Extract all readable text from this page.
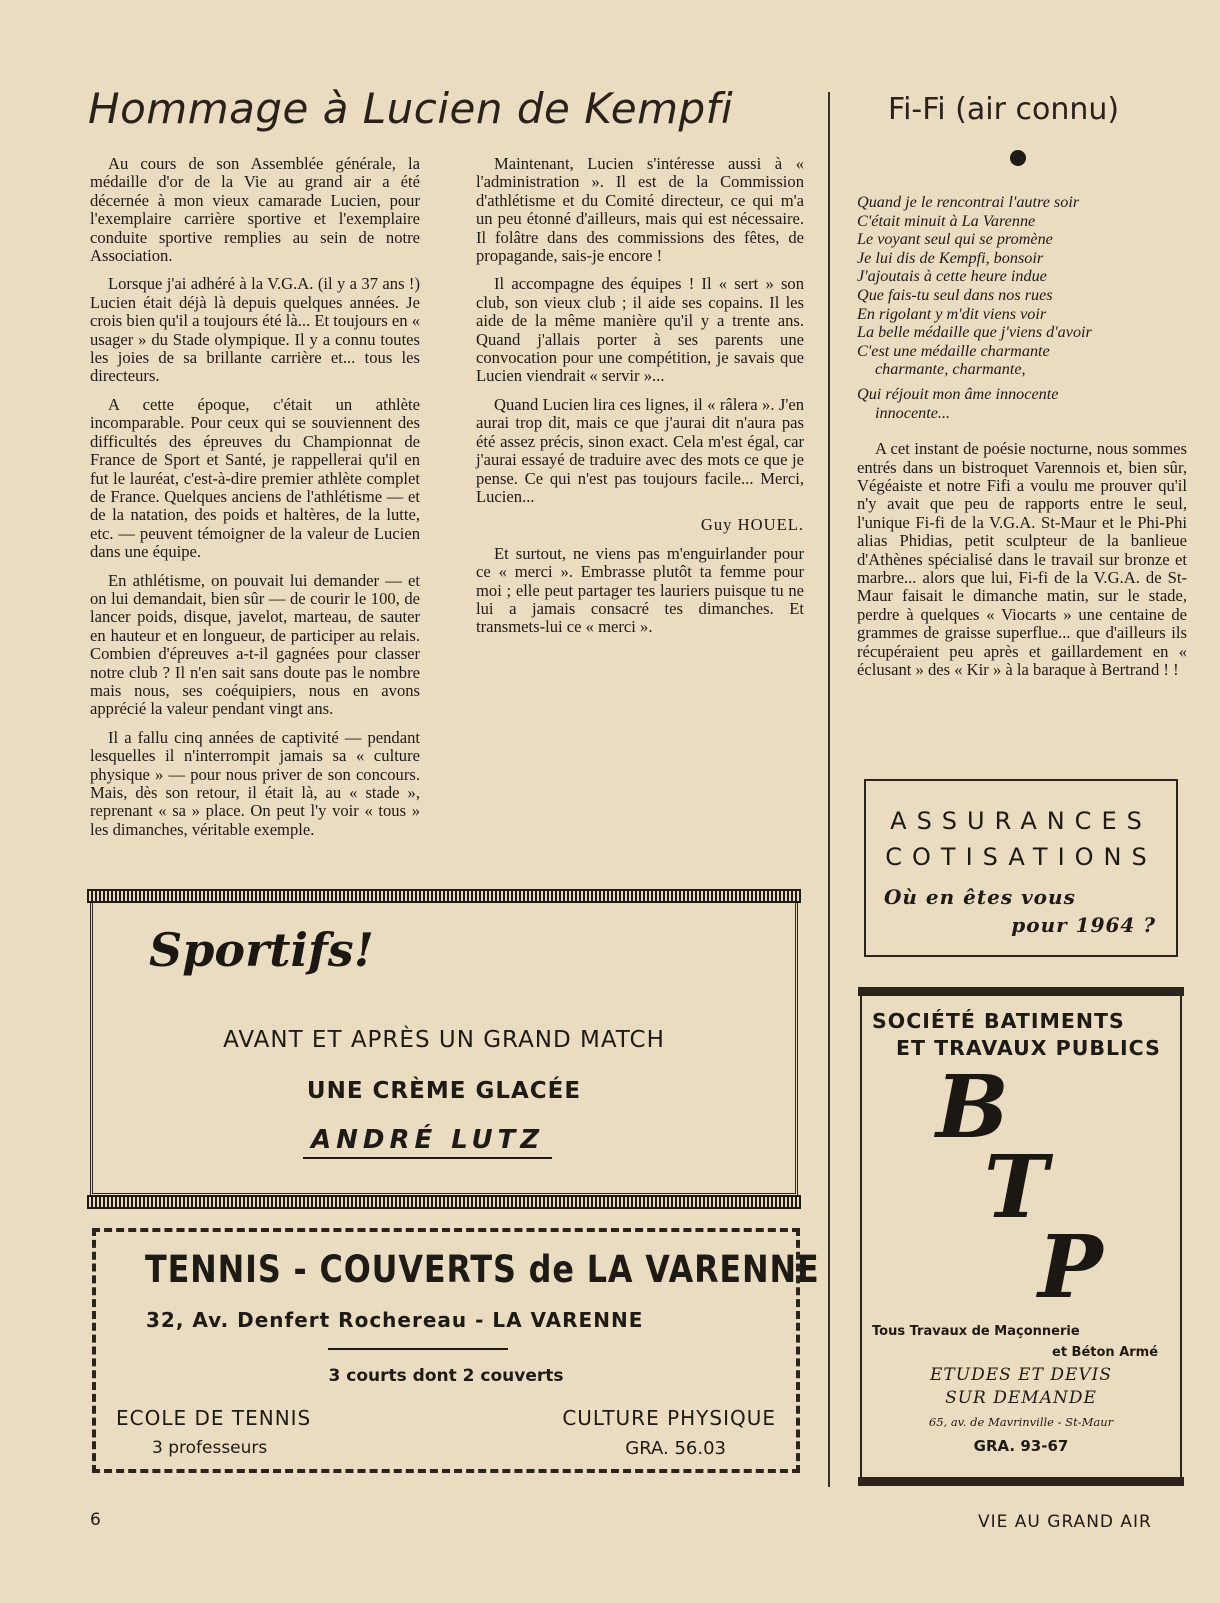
Hommage à Lucien de Kempfi

Au cours de son Assemblée générale, la médaille d'or de la Vie au grand air a été décernée à mon vieux camarade Lucien, pour l'exemplaire carrière sportive et l'exemplaire conduite sportive remplies au sein de notre Association.

Lorsque j'ai adhéré à la V.G.A. (il y a 37 ans !) Lucien était déjà là depuis quelques années. Je crois bien qu'il a toujours été là... Et toujours en « usager » du Stade olympique. Il y a connu toutes les joies de sa brillante carrière et... tous les directeurs.

A cette époque, c'était un athlète incomparable. Pour ceux qui se souviennent des difficultés des épreuves du Championnat de France de Sport et Santé, je rappellerai qu'il en fut le lauréat, c'est-à-dire premier athlète complet de France. Quelques anciens de l'athlétisme — et de la natation, des poids et haltères, de la lutte, etc. — peuvent témoigner de la valeur de Lucien dans une équipe.

En athlétisme, on pouvait lui demander — et on lui demandait, bien sûr — de courir le 100, de lancer poids, disque, javelot, marteau, de sauter en hauteur et en longueur, de participer au relais. Combien d'épreuves a-t-il gagnées pour classer notre club ? Il n'en sait sans doute pas le nombre mais nous, ses coéquipiers, nous en avons apprécié la valeur pendant vingt ans.

Il a fallu cinq années de captivité — pendant lesquelles il n'interrompit jamais sa « culture physique » — pour nous priver de son concours. Mais, dès son retour, il était là, au « stade », reprenant « sa » place. On peut l'y voir « tous » les dimanches, véritable exemple.

Maintenant, Lucien s'intéresse aussi à « l'administration ». Il est de la Commission d'athlétisme et du Comité directeur, ce qui m'a un peu étonné d'ailleurs, mais qui est nécessaire. Il folâtre dans des commissions des fêtes, de propagande, sais-je encore !

Il accompagne des équipes ! Il « sert » son club, son vieux club ; il aide ses copains. Il les aide de la même manière qu'il y a trente ans. Quand j'allais porter à ses parents une convocation pour une compétition, je savais que Lucien viendrait « servir »...

Quand Lucien lira ces lignes, il « râlera ». J'en aurai trop dit, mais ce que j'aurai dit n'aura pas été assez précis, sinon exact. Cela m'est égal, car j'aurai essayé de traduire avec des mots ce que je pense. Ce qui n'est pas toujours facile... Merci, Lucien...

Guy HOUEL.

Et surtout, ne viens pas m'enguirlander pour ce « merci ». Embrasse plutôt ta femme pour moi ; elle peut partager tes lauriers puisque tu ne lui a jamais consacré tes dimanches. Et transmets-lui ce « merci ».

Fi-Fi (air connu)
Quand je le rencontrai l'autre soir
C'était minuit à La Varenne
Le voyant seul qui se promène
Je lui dis de Kempfi, bonsoir
J'ajoutais à cette heure indue
Que fais-tu seul dans nos rues
En rigolant y m'dit viens voir
La belle médaille que j'viens d'avoir
C'est une médaille charmante
charmante, charmante,
Qui réjouit mon âme innocente
innocente...

A cet instant de poésie nocturne, nous sommes entrés dans un bistroquet Varennois et, bien sûr, Végéaiste et notre Fifi a voulu me prouver qu'il n'y avait que peu de rapports entre le seul, l'unique Fi-fi de la V.G.A. St-Maur et le Phi-Phi alias Phidias, petit sculpteur de la banlieue d'Athènes spécialisé dans le travail sur bronze et marbre... alors que lui, Fi-fi de la V.G.A. de St-Maur faisait le dimanche matin, sur le stade, perdre à quelques « Viocarts » une centaine de grammes de graisse superflue... que d'ailleurs ils récupéraient peu après et gaillardement en « éclusant » des « Kir » à la baraque à Bertrand ! !

ASSURANCES
COTISATIONS
Où en êtes vous
pour 1964 ?
SOCIÉTÉ BATIMENTS
ET TRAVAUX PUBLICS
B
T
P
Tous Travaux de Maçonnerie
et Béton Armé
ETUDES ET DEVIS
SUR DEMANDE
65, av. de Mavrinville - St-Maur
GRA. 93-67
Sportifs!
AVANT ET APRÈS UN GRAND MATCH
UNE CRÈME GLACÉE
ANDRÉ LUTZ
TENNIS - COUVERTS de LA VARENNE
32, Av. Denfert Rochereau - LA VARENNE
3 courts dont 2 couverts
ECOLE DE TENNIS
3 professeurs
CULTURE PHYSIQUE
GRA. 56.03
6	VIE AU GRAND AIR
